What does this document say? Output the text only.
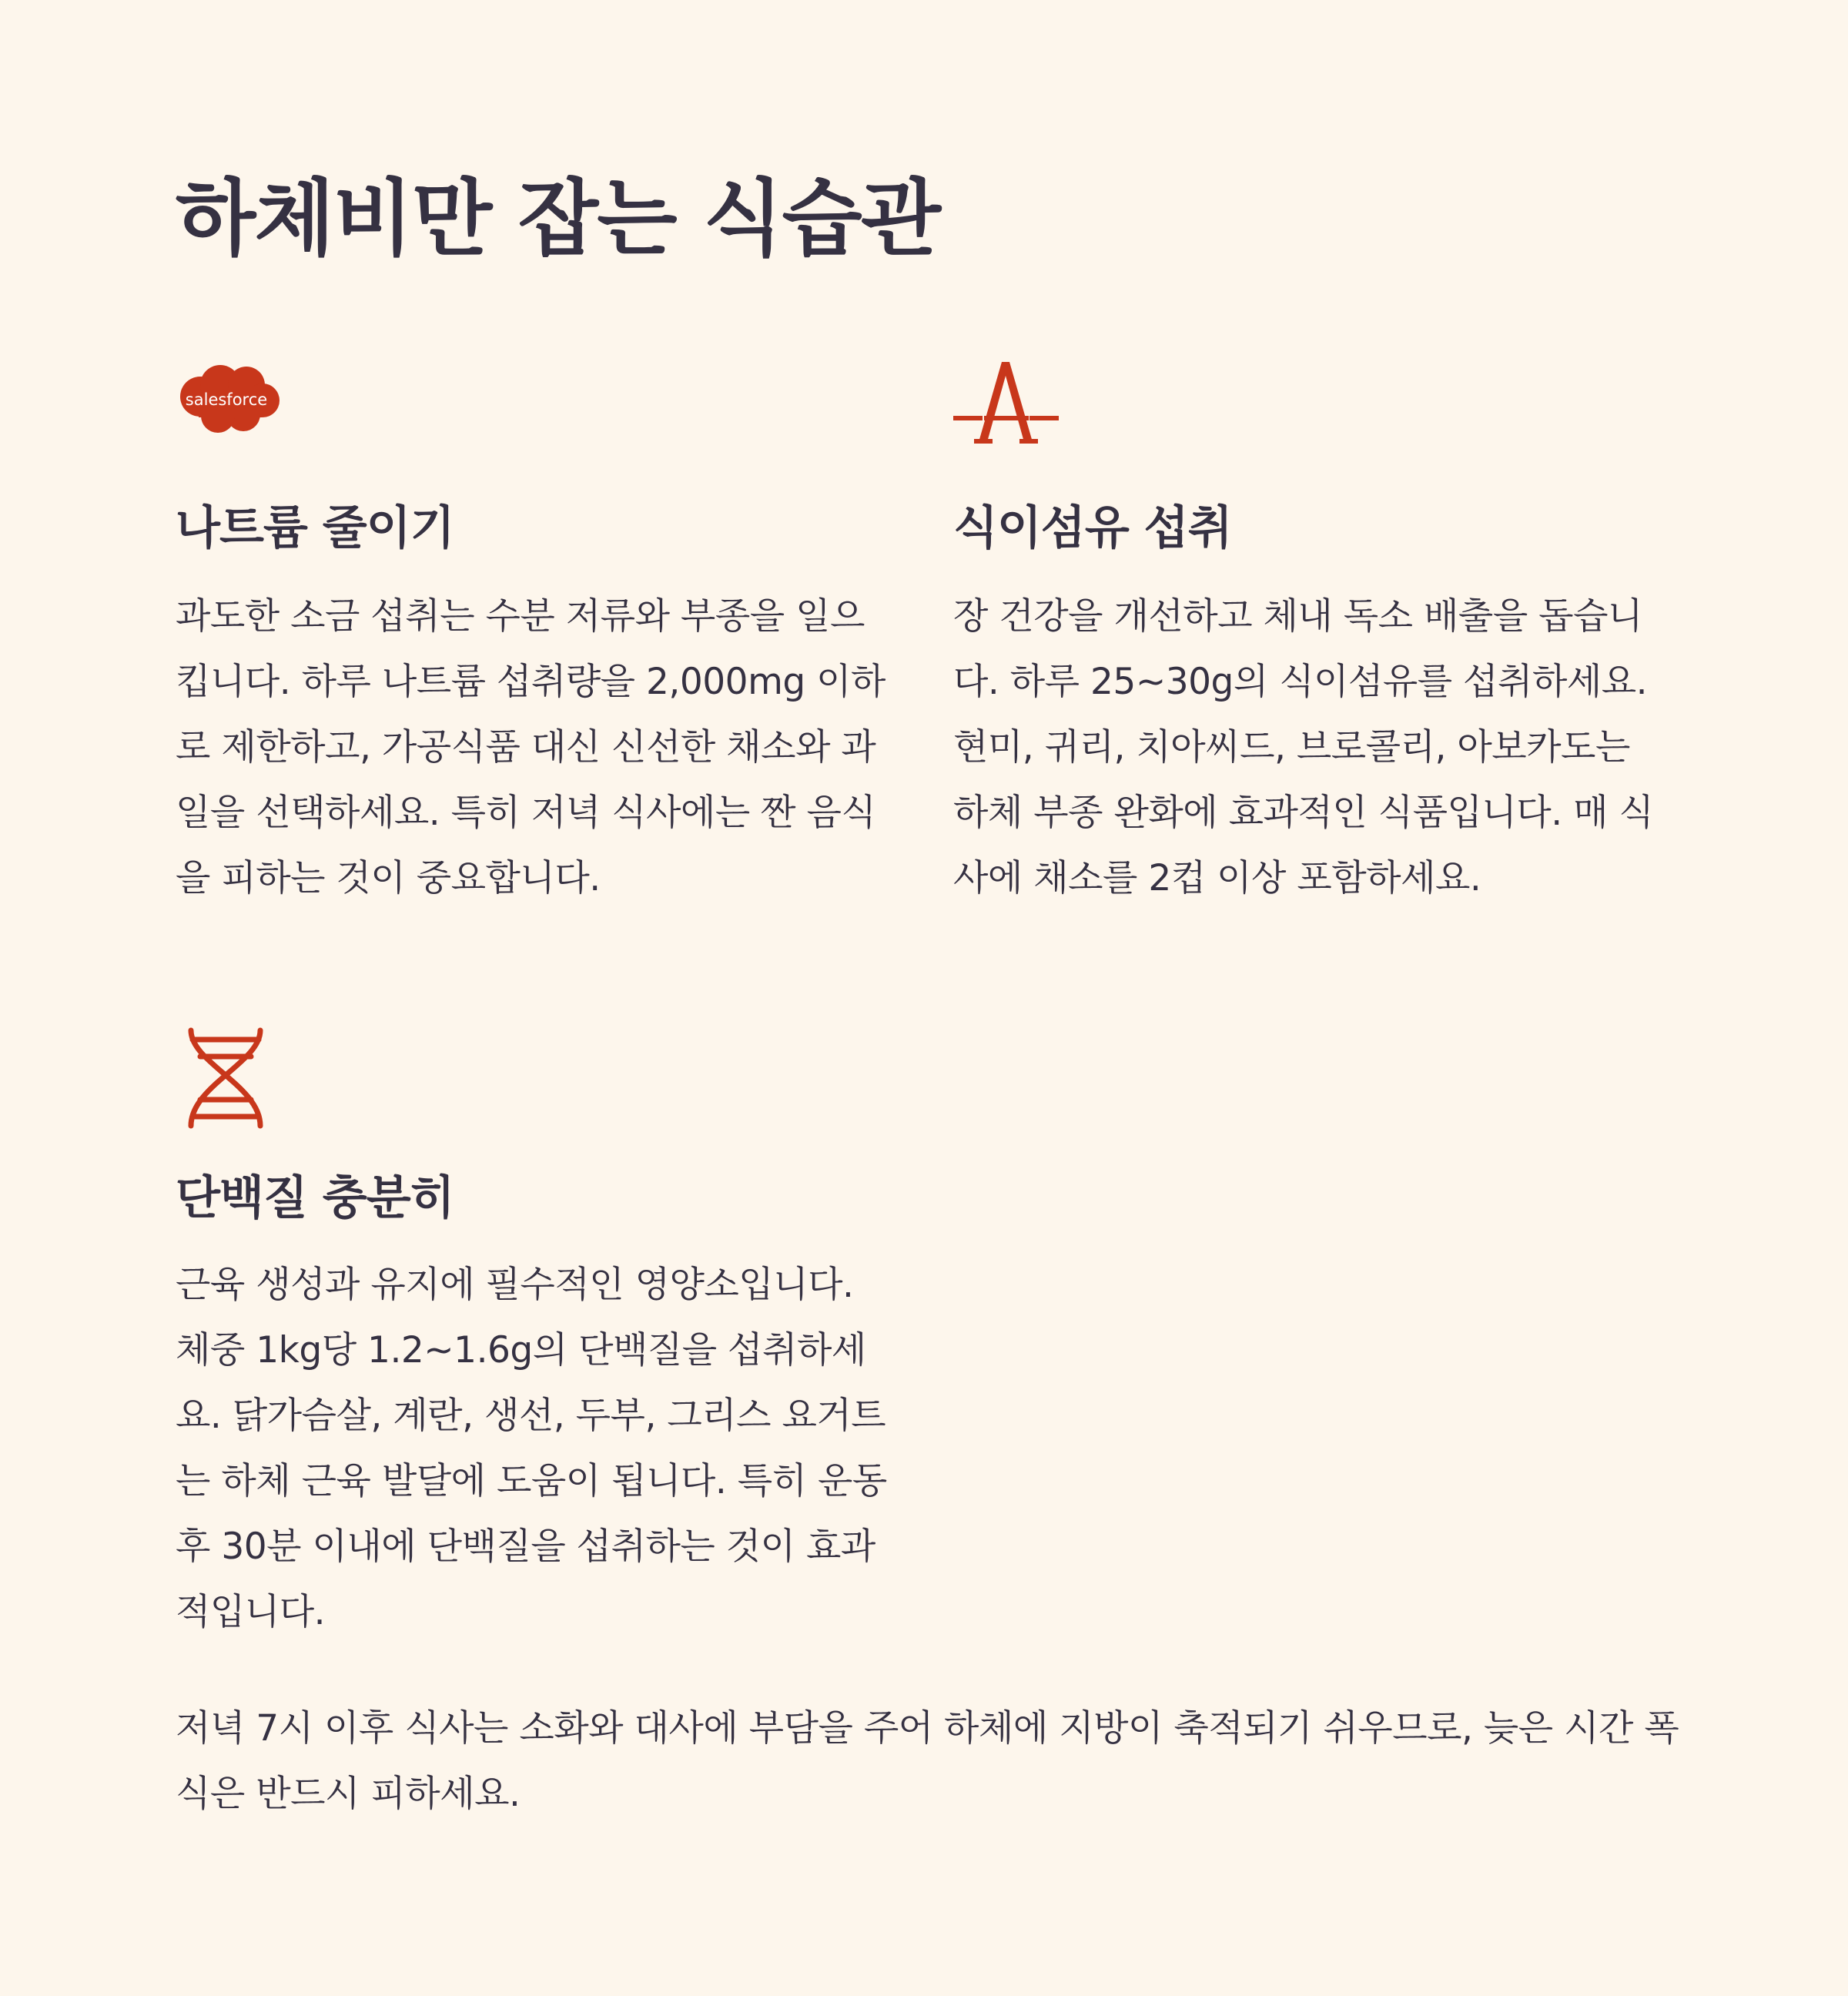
하체비만 잡는 식습관
salesforce
나트륨 줄이기

과도한 소금 섭취는 수분 저류와 부종을 일으킵니다. 하루 나트륨 섭취량을 2,000mg 이하로 제한하고, 가공식품 대신 신선한 채소와 과일을 선택하세요. 특히 저녁 식사에는 짠 음식을 피하는 것이 중요합니다.

식이섬유 섭취

장 건강을 개선하고 체내 독소 배출을 돕습니다. 하루 25~30g의 식이섬유를 섭취하세요. 현미, 귀리, 치아씨드, 브로콜리, 아보카도는 하체 부종 완화에 효과적인 식품입니다. 매 식사에 채소를 2컵 이상 포함하세요.

단백질 충분히

근육 생성과 유지에 필수적인 영양소입니다. 체중 1kg당 1.2~1.6g의 단백질을 섭취하세요. 닭가슴살, 계란, 생선, 두부, 그리스 요거트는 하체 근육 발달에 도움이 됩니다. 특히 운동 후 30분 이내에 단백질을 섭취하는 것이 효과적입니다.

저녁 7시 이후 식사는 소화와 대사에 부담을 주어 하체에 지방이 축적되기 쉬우므로, 늦은 시간 폭식은 반드시 피하세요.
